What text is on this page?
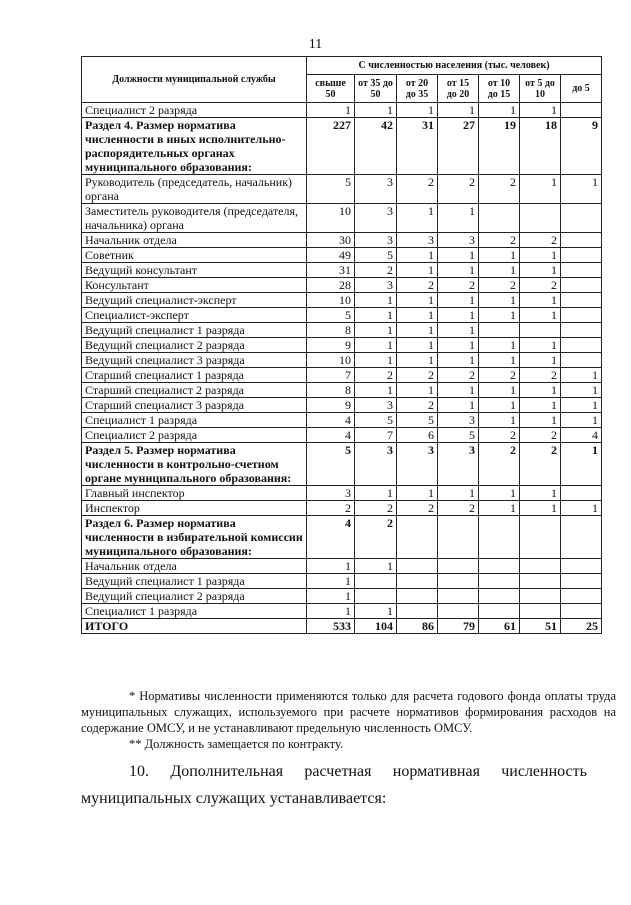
11
Должности муниципальной службы	С численностью населения (тыс. человек)						
	свыше 50	от 35 до 50	от 20 до 35	от 15 до 20	от 10 до 15	от 5 до 10	до 5
Специалист 2 разряда	1	1	1	1	1	1	
Раздел 4. Размер норматива численности в иных исполнительно-распорядительных органах муниципального образования:	227	42	31	27	19	18	9
Руководитель (председатель, начальник) органа	5	3	2	2	2	1	1
Заместитель руководителя (председателя, начальника) органа	10	3	1	1			
Начальник отдела	30	3	3	3	2	2	
Советник	49	5	1	1	1	1	
Ведущий консультант	31	2	1	1	1	1	
Консультант	28	3	2	2	2	2	
Ведущий специалист-эксперт	10	1	1	1	1	1	
Специалист-эксперт	5	1	1	1	1	1	
Ведущий специалист 1 разряда	8	1	1	1			
Ведущий специалист 2 разряда	9	1	1	1	1	1	
Ведущий специалист 3 разряда	10	1	1	1	1	1	
Старший специалист 1 разряда	7	2	2	2	2	2	1
Старший специалист 2 разряда	8	1	1	1	1	1	1
Старший специалист 3 разряда	9	3	2	1	1	1	1
Специалист 1 разряда	4	5	5	3	1	1	1
Специалист 2 разряда	4	7	6	5	2	2	4
Раздел 5. Размер норматива численности в контрольно-счетном органе муниципального образования:	5	3	3	3	2	2	1
Главный инспектор	3	1	1	1	1	1	
Инспектор	2	2	2	2	1	1	1
Раздел 6. Размер норматива численности в избирательной комиссии муниципального образования:	4	2					
Начальник отдела	1	1					
Ведущий специалист 1 разряда	1						
Ведущий специалист 2 разряда	1						
Специалист 1 разряда	1	1					
ИТОГО	533	104	86	79	61	51	25

* Нормативы численности применяются только для расчета годового фонда оплаты труда муниципальных служащих, используемого при расчете нормативов формирования расходов на содержание ОМСУ, и не устанавливают предельную численность ОМСУ.

** Должность замещается по контракту.

10. Дополнительная расчетная нормативная численность
муниципальных служащих устанавливается:
